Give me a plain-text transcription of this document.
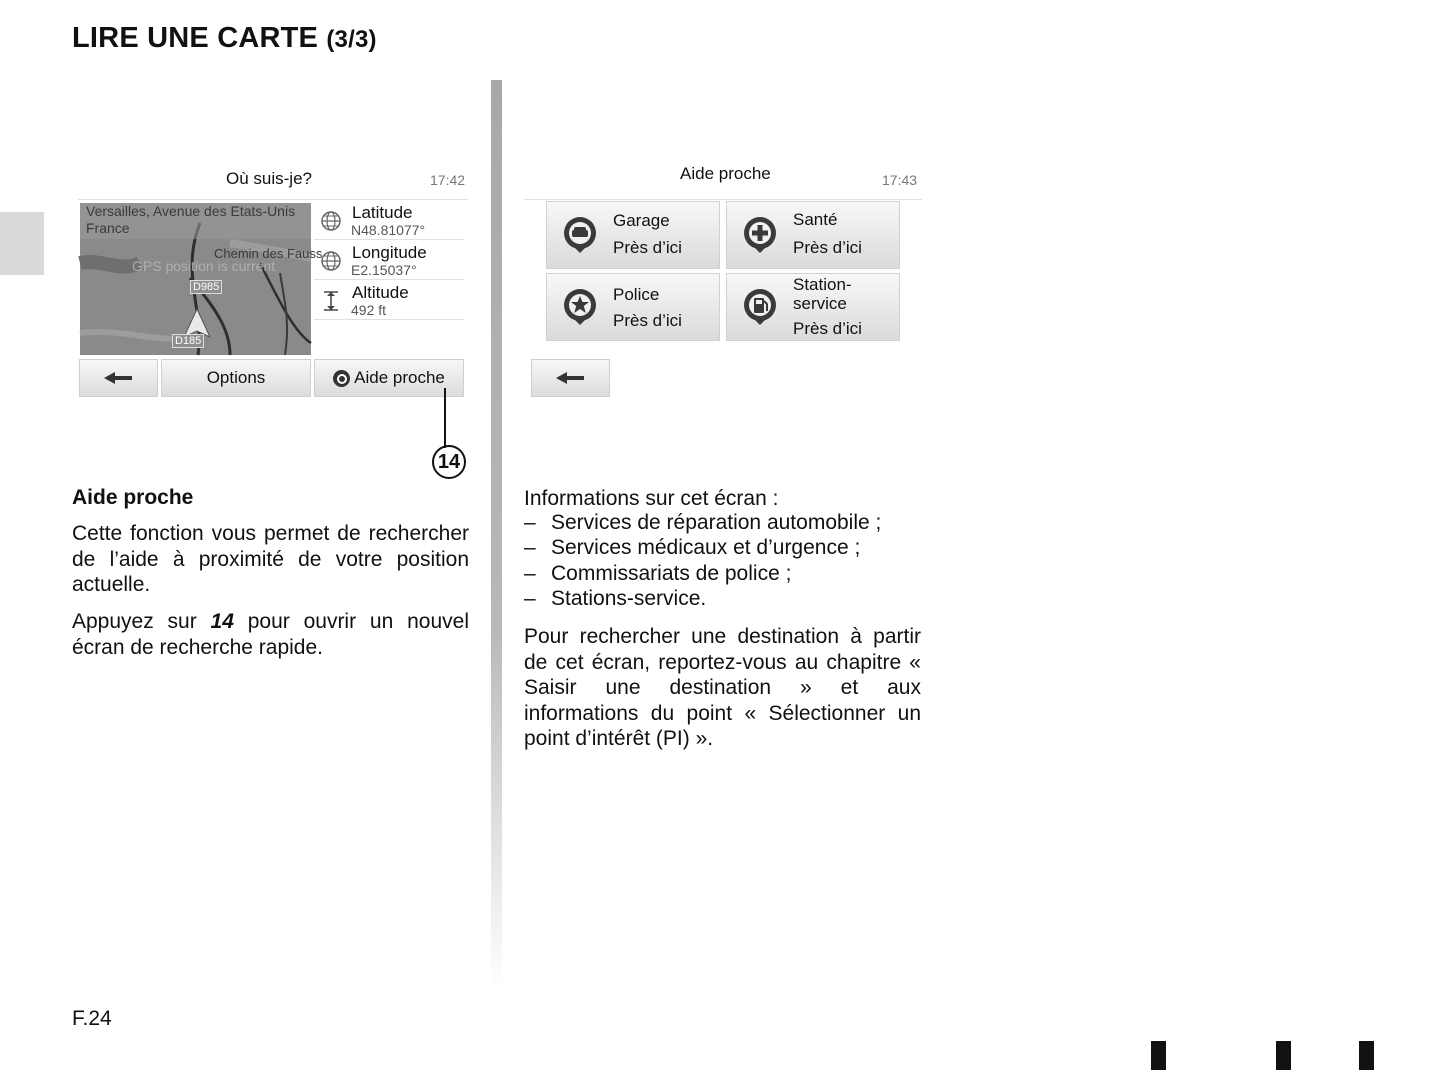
LIRE UNE CARTE (3/3)
Où suis-je?	17:42
Versailles, Avenue des Etats-Unis
France
Chemin des Fauss
GPS position is current
D985
D185
Latitude
N48.81077°
Longitude
E2.15037°
Altitude
492 ft
Options	Aide proche
14
Aide proche	17:43
Garage
Près d’ici
Santé
Près d’ici
Police
Près d’ici
Station-
service
Près d’ici
Aide proche
Cette fonction vous permet de rechercher de l’aide à proximité de votre position actuelle.
Appuyez sur 14 pour ouvrir un nouvel écran de recherche rapide.
Informations sur cet écran :
– Services de réparation automobile ;
– Services médicaux et d’urgence ;
– Commissariats de police ;
– Stations-service.
Pour rechercher une destination à partir de cet écran, reportez-vous au chapitre « Saisir une destination » et aux informations du point « Sélectionner un point d’intérêt (PI) ».
F.24
